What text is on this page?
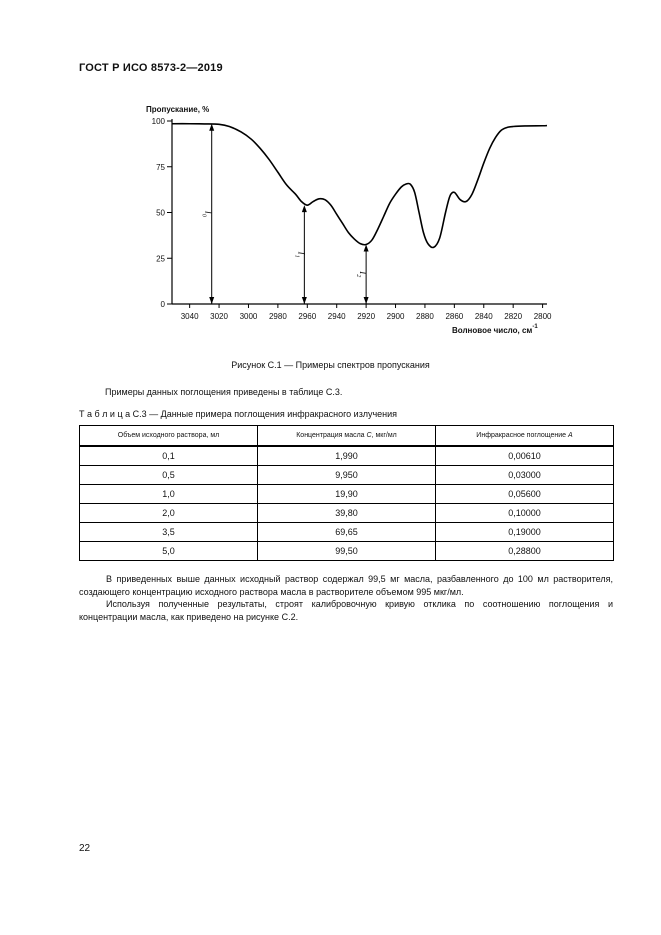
ГОСТ Р ИСО 8573-2—2019
0
25
50
75
100
3040 3020 3000 2980 2960 2940 2920 2900 2880 2860 2840 2820 2800
$I_0$
$I_1$
$I_2$
Пропускание, %
Волновое число, $см^{-1}$
Рисунок С.1 — Примеры спектров пропускания
Примеры данных поглощения приведены в таблице С.3.
Т а б л и ц а С.3 — Данные примера поглощения инфракрасного излучения
Объем исходного раствора, мл	Концентрация масла C, мкг/мл	Инфракрасное поглощение A
0,1	1,990	0,00610
0,5	9,950	0,03000
1,0	19,90	0,05600
2,0	39,80	0,10000
3,5	69,65	0,19000
5,0	99,50	0,28800

В приведенных выше данных исходный раствор содержал 99,5 мг масла, разбавленного до 100 мл растворителя, создающего концентрацию исходного раствора масла в растворителе объемом 995 мкг/мл.

Используя полученные результаты, строят калибровочную кривую отклика по соотношению поглощения и концентрации масла, как приведено на рисунке С.2.

22
